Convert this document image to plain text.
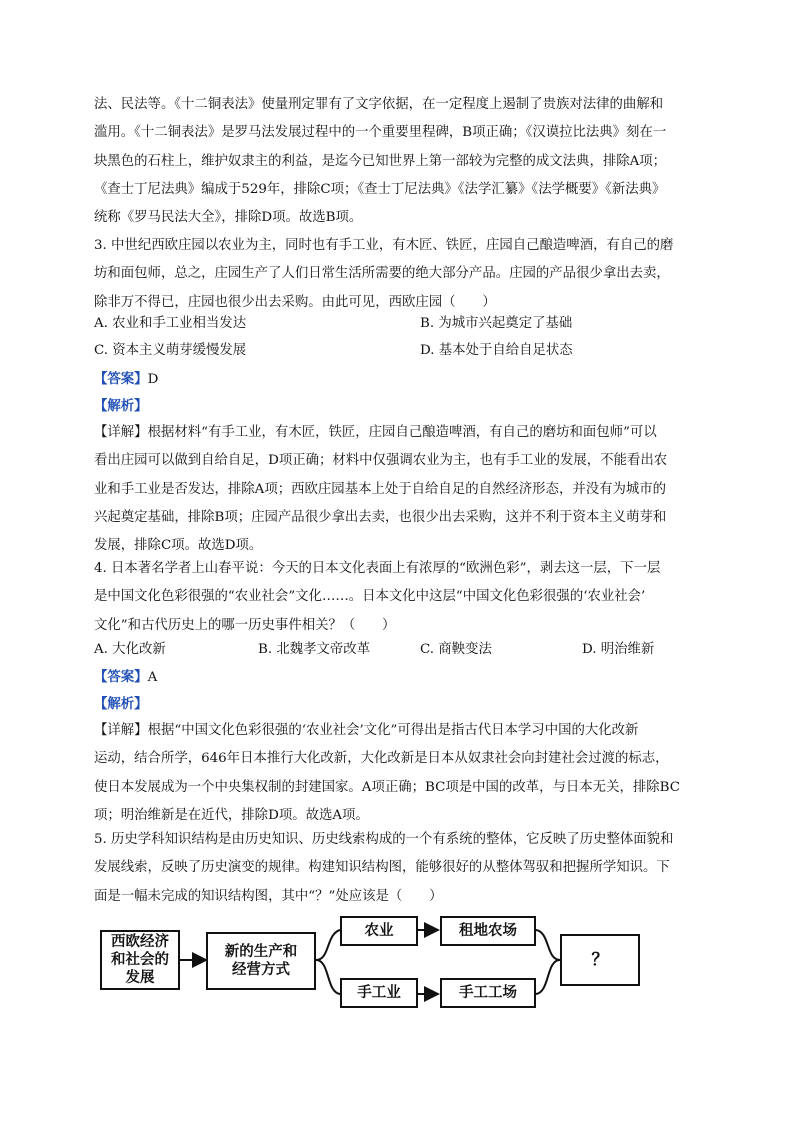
法、民法等。《十二铜表法》使量刑定罪有了文字依据，在一定程度上遏制了贵族对法律的曲解和
滥用。《十二铜表法》是罗马法发展过程中的一个重要里程碑，B项正确；《汉谟拉比法典》刻在一
块黑色的石柱上，维护奴隶主的利益，是迄今已知世界上第一部较为完整的成文法典，排除A项；
《查士丁尼法典》编成于529年，排除C项；《查士丁尼法典》《法学汇纂》《法学概要》《新法典》
统称《罗马民法大全》，排除D项。故选B项。
3. 中世纪西欧庄园以农业为主，同时也有手工业，有木匠、铁匠，庄园自己酿造啤酒，有自己的磨
坊和面包师，总之，庄园生产了人们日常生活所需要的绝大部分产品。庄园的产品很少拿出去卖，
除非万不得已，庄园也很少出去采购。由此可见，西欧庄园（　　）
A. 农业和手工业相当发达	B. 为城市兴起奠定了基础
C. 资本主义萌芽缓慢发展	D. 基本处于自给自足状态
【答案】D
【解析】
【详解】根据材料“有手工业，有木匠，铁匠，庄园自己酿造啤酒，有自己的磨坊和面包师”可以
看出庄园可以做到自给自足，D项正确；材料中仅强调农业为主，也有手工业的发展，不能看出农
业和手工业是否发达，排除A项；西欧庄园基本上处于自给自足的自然经济形态，并没有为城市的
兴起奠定基础，排除B项；庄园产品很少拿出去卖，也很少出去采购，这并不利于资本主义萌芽和
发展，排除C项。故选D项。
4. 日本著名学者上山春平说：今天的日本文化表面上有浓厚的“欧洲色彩”，剥去这一层，下一层
是中国文化色彩很强的“农业社会”文化……。日本文化中这层“中国文化色彩很强的‘农业社会’
文化”和古代历史上的哪一历史事件相关？（　　）
A. 大化改新	B. 北魏孝文帝改革	C. 商鞅变法	D. 明治维新
【答案】A
【解析】
【详解】根据“中国文化色彩很强的‘农业社会’文化”可得出是指古代日本学习中国的大化改新
运动，结合所学，646年日本推行大化改新，大化改新是日本从奴隶社会向封建社会过渡的标志，
使日本发展成为一个中央集权制的封建国家。A项正确；BC项是中国的改革，与日本无关，排除BC
项；明治维新是在近代，排除D项。故选A项。
5. 历史学科知识结构是由历史知识、历史线索构成的一个有系统的整体，它反映了历史整体面貌和
发展线索，反映了历史演变的规律。构建知识结构图，能够很好的从整体驾驭和把握所学知识。下
面是一幅未完成的知识结构图，其中“？”处应该是（　　）
西欧经济
和社会的
发展
新的生产和
经营方式
农业	租地农场
手工业	手工工场
？
